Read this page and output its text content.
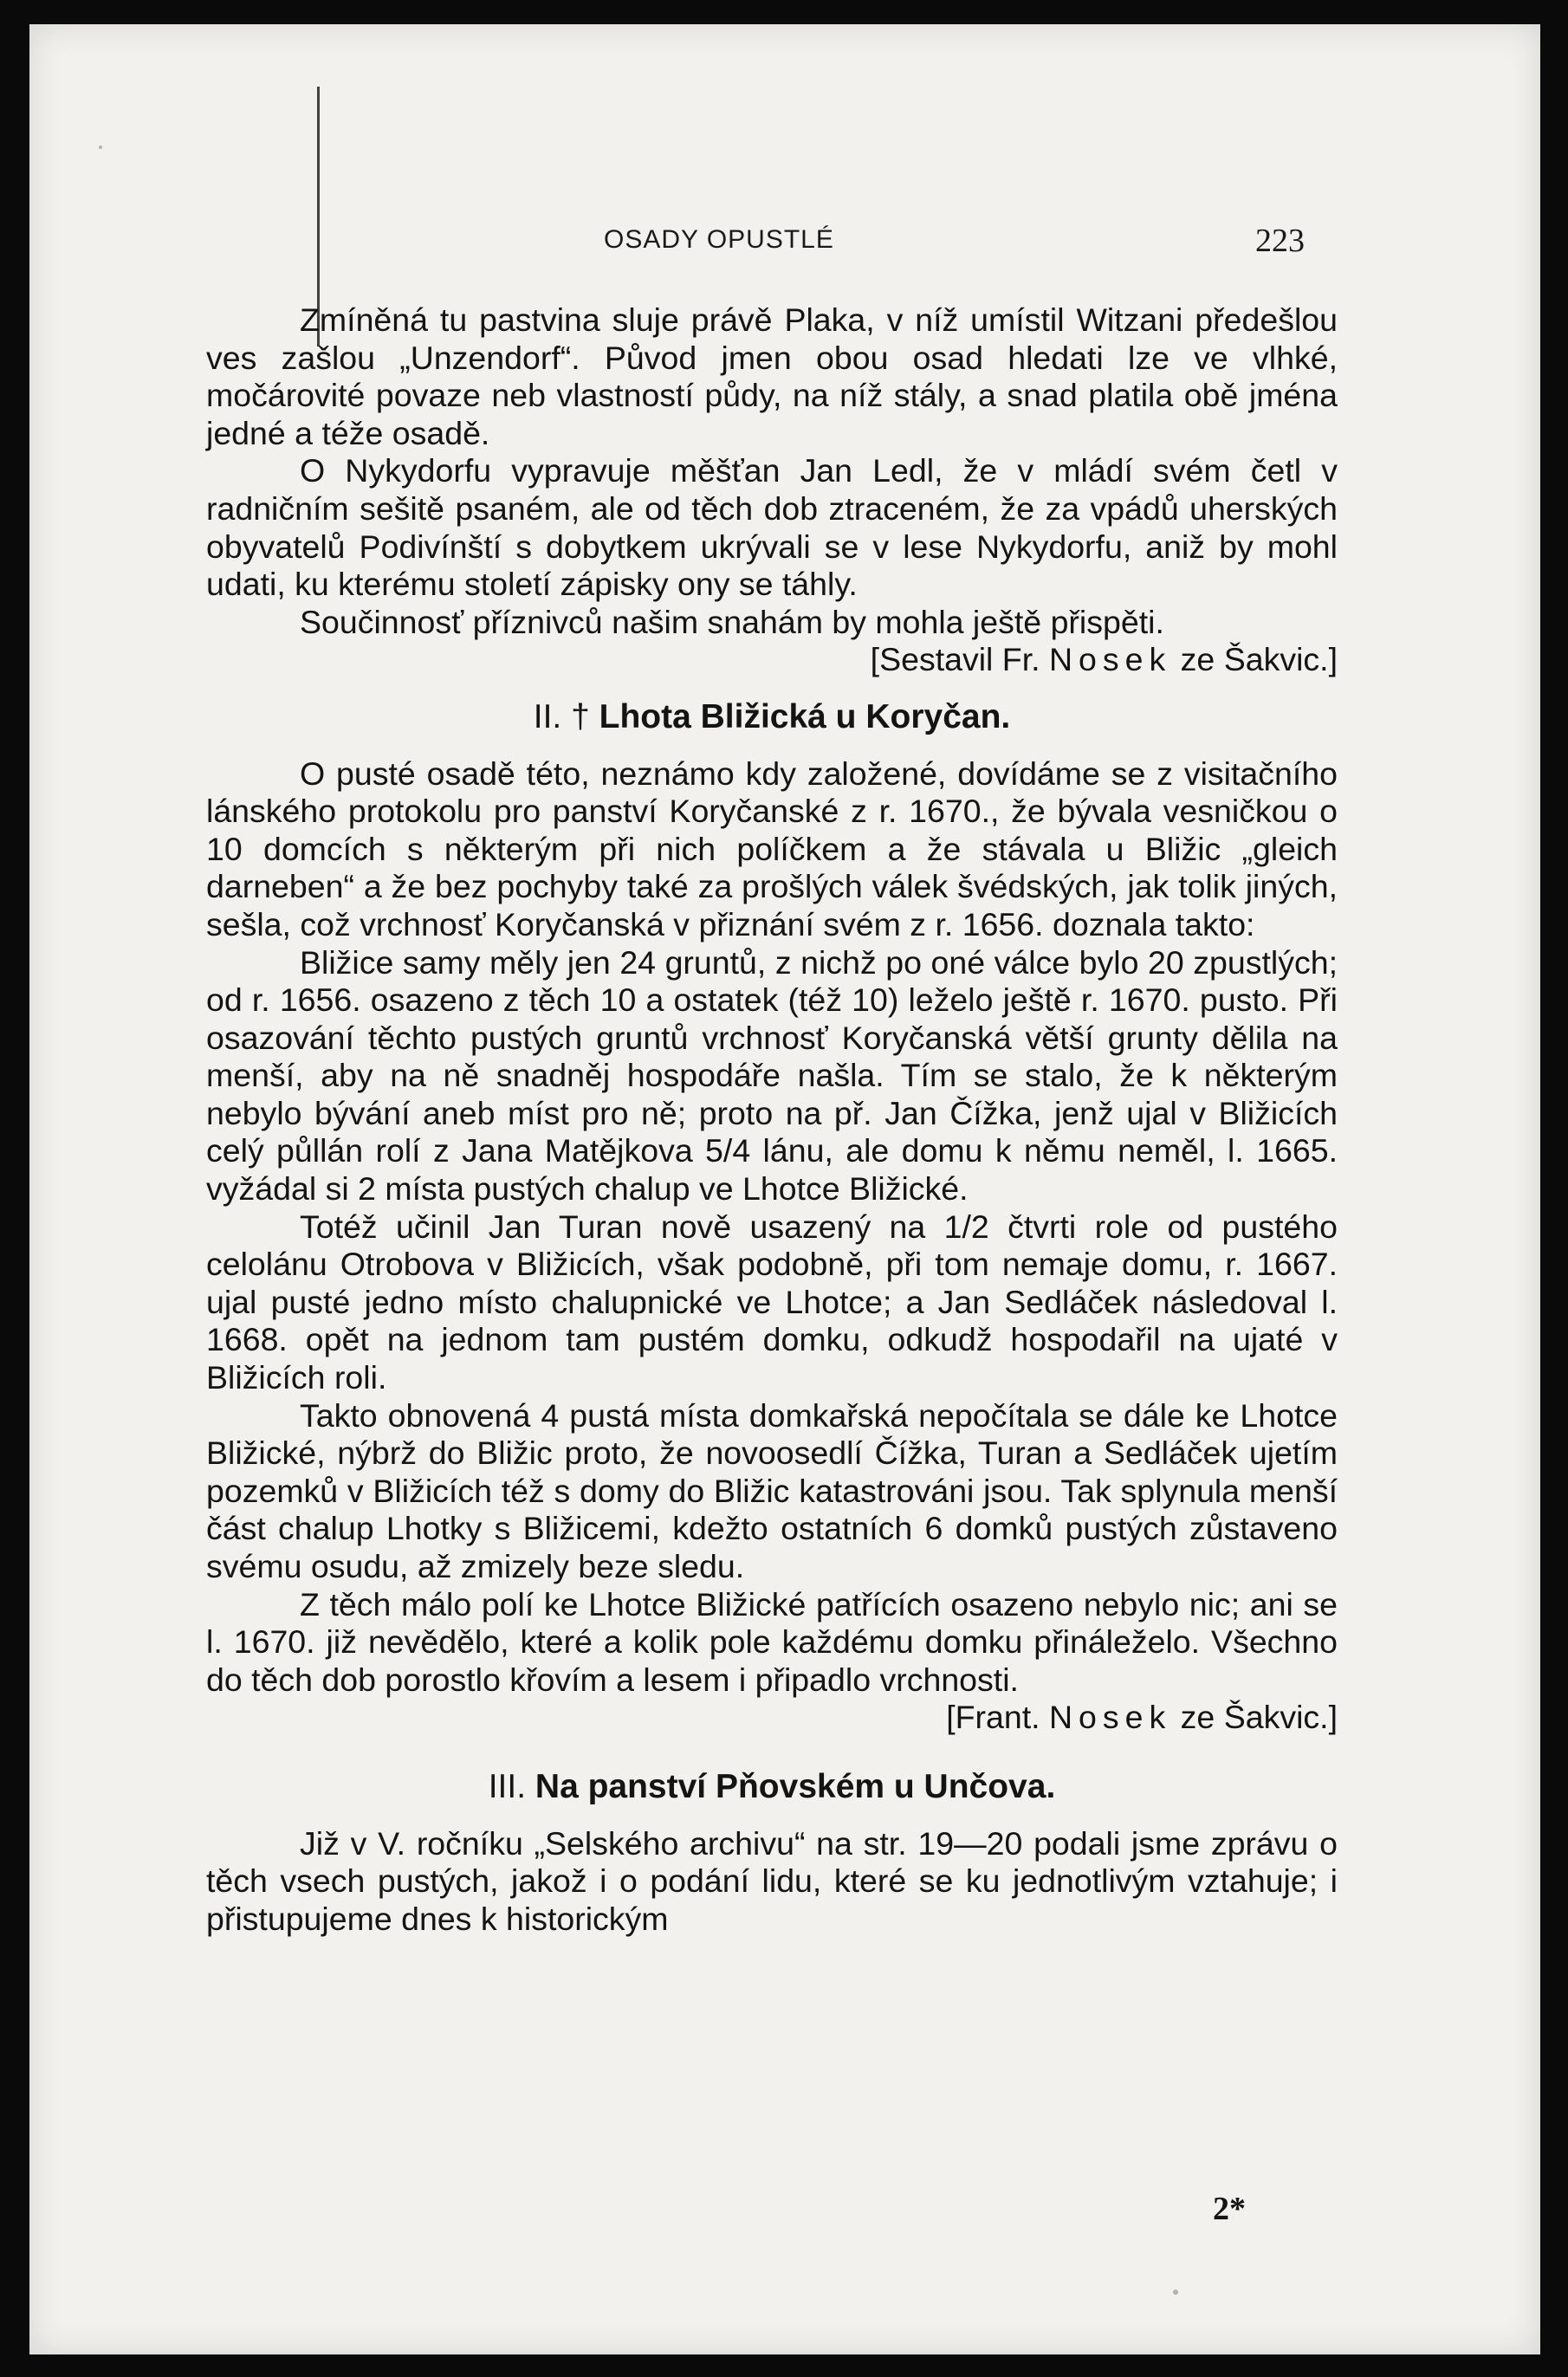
OSADY OPUSTLÉ	223

Zmíněná tu pastvina sluje právě Plaka, v níž umístil Witzani předešlou ves zašlou „Unzendorf“. Původ jmen obou osad hledati lze ve vlhké, močárovité povaze neb vlastností půdy, na níž stály, a snad platila obě jména jedné a téže osadě.

O Nykydorfu vypravuje měšťan Jan Ledl, že v mládí svém četl v radničním sešitě psaném, ale od těch dob ztraceném, že za vpádů uherských obyvatelů Podivínští s dobytkem ukrývali se v lese Nykydorfu, aniž by mohl udati, ku kterému století zápisky ony se táhly.

Součinnosť příznivců našim snahám by mohla ještě přispěti.

[Sestavil Fr. Nosek ze Šakvic.]

II. † Lhota Bližická u Koryčan.

O pusté osadě této, neznámo kdy založené, dovídáme se z visitačního lánského protokolu pro panství Koryčanské z r. 1670., že bývala vesničkou o 10 domcích s některým při nich políčkem a že stávala u Bližic „gleich darneben“ a že bez pochyby také za prošlých válek švédských, jak tolik jiných, sešla, což vrchnosť Koryčanská v přiznání svém z r. 1656. doznala takto:

Bližice samy měly jen 24 gruntů, z nichž po oné válce bylo 20 zpustlých; od r. 1656. osazeno z těch 10 a ostatek (též 10) leželo ještě r. 1670. pusto. Při osazování těchto pustých gruntů vrchnosť Koryčanská větší grunty dělila na menší, aby na ně snadněj hospodáře našla. Tím se stalo, že k některým nebylo bývání aneb míst pro ně; proto na př. Jan Čížka, jenž ujal v Bližicích celý půllán rolí z Jana Matějkova 5/4 lánu, ale domu k němu neměl, l. 1665. vyžádal si 2 místa pustých chalup ve Lhotce Bližické.

Totéž učinil Jan Turan nově usazený na 1/2 čtvrti role od pustého celolánu Otrobova v Bližicích, však podobně, při tom nemaje domu, r. 1667. ujal pusté jedno místo chalupnické ve Lhotce; a Jan Sedláček následoval l. 1668. opět na jednom tam pustém domku, odkudž hospodařil na ujaté v Bližicích roli.

Takto obnovená 4 pustá místa domkařská nepočítala se dále ke Lhotce Bližické, nýbrž do Bližic proto, že novoosedlí Čížka, Turan a Sedláček ujetím pozemků v Bližicích též s domy do Bližic katastrováni jsou. Tak splynula menší část chalup Lhotky s Bližicemi, kdežto ostatních 6 domků pustých zůstaveno svému osudu, až zmizely beze sledu.

Z těch málo polí ke Lhotce Bližické patřících osazeno nebylo nic; ani se l. 1670. již nevědělo, které a kolik pole každému domku přináleželo. Všechno do těch dob porostlo křovím a lesem i připadlo vrchnosti.

[Frant. Nosek ze Šakvic.]

III. Na panství Pňovském u Unčova.

Již v V. ročníku „Selského archivu“ na str. 19—20 podali jsme zprávu o těch vsech pustých, jakož i o podání lidu, které se ku jednotlivým vztahuje; i přistupujeme dnes k historickým

2*
